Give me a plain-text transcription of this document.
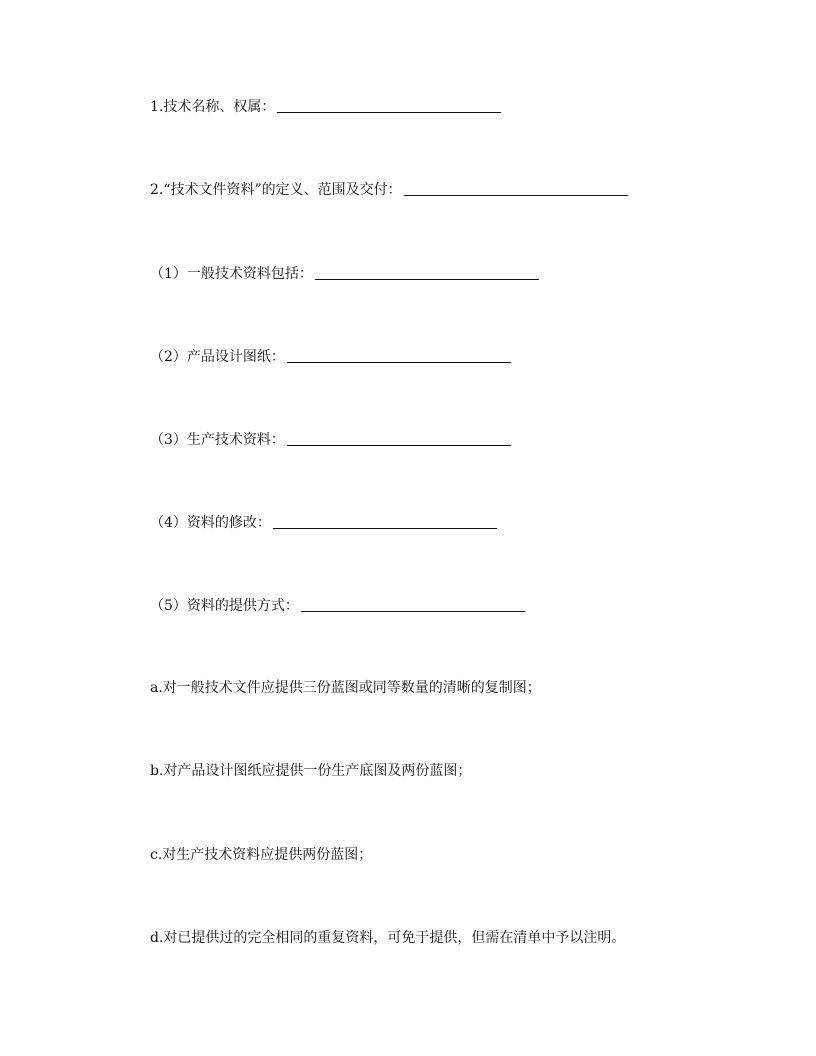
1.技术名称、权属：
2.“技术文件资料”的定义、范围及交付：
（1）一般技术资料包括：
（2）产品设计图纸：
（3）生产技术资料：
（4）资料的修改：
（5）资料的提供方式：
a.对一般技术文件应提供三份蓝图或同等数量的清晰的复制图；
b.对产品设计图纸应提供一份生产底图及两份蓝图；
c.对生产技术资料应提供两份蓝图；
d.对已提供过的完全相同的重复资料，可免于提供，但需在清单中予以注明。
